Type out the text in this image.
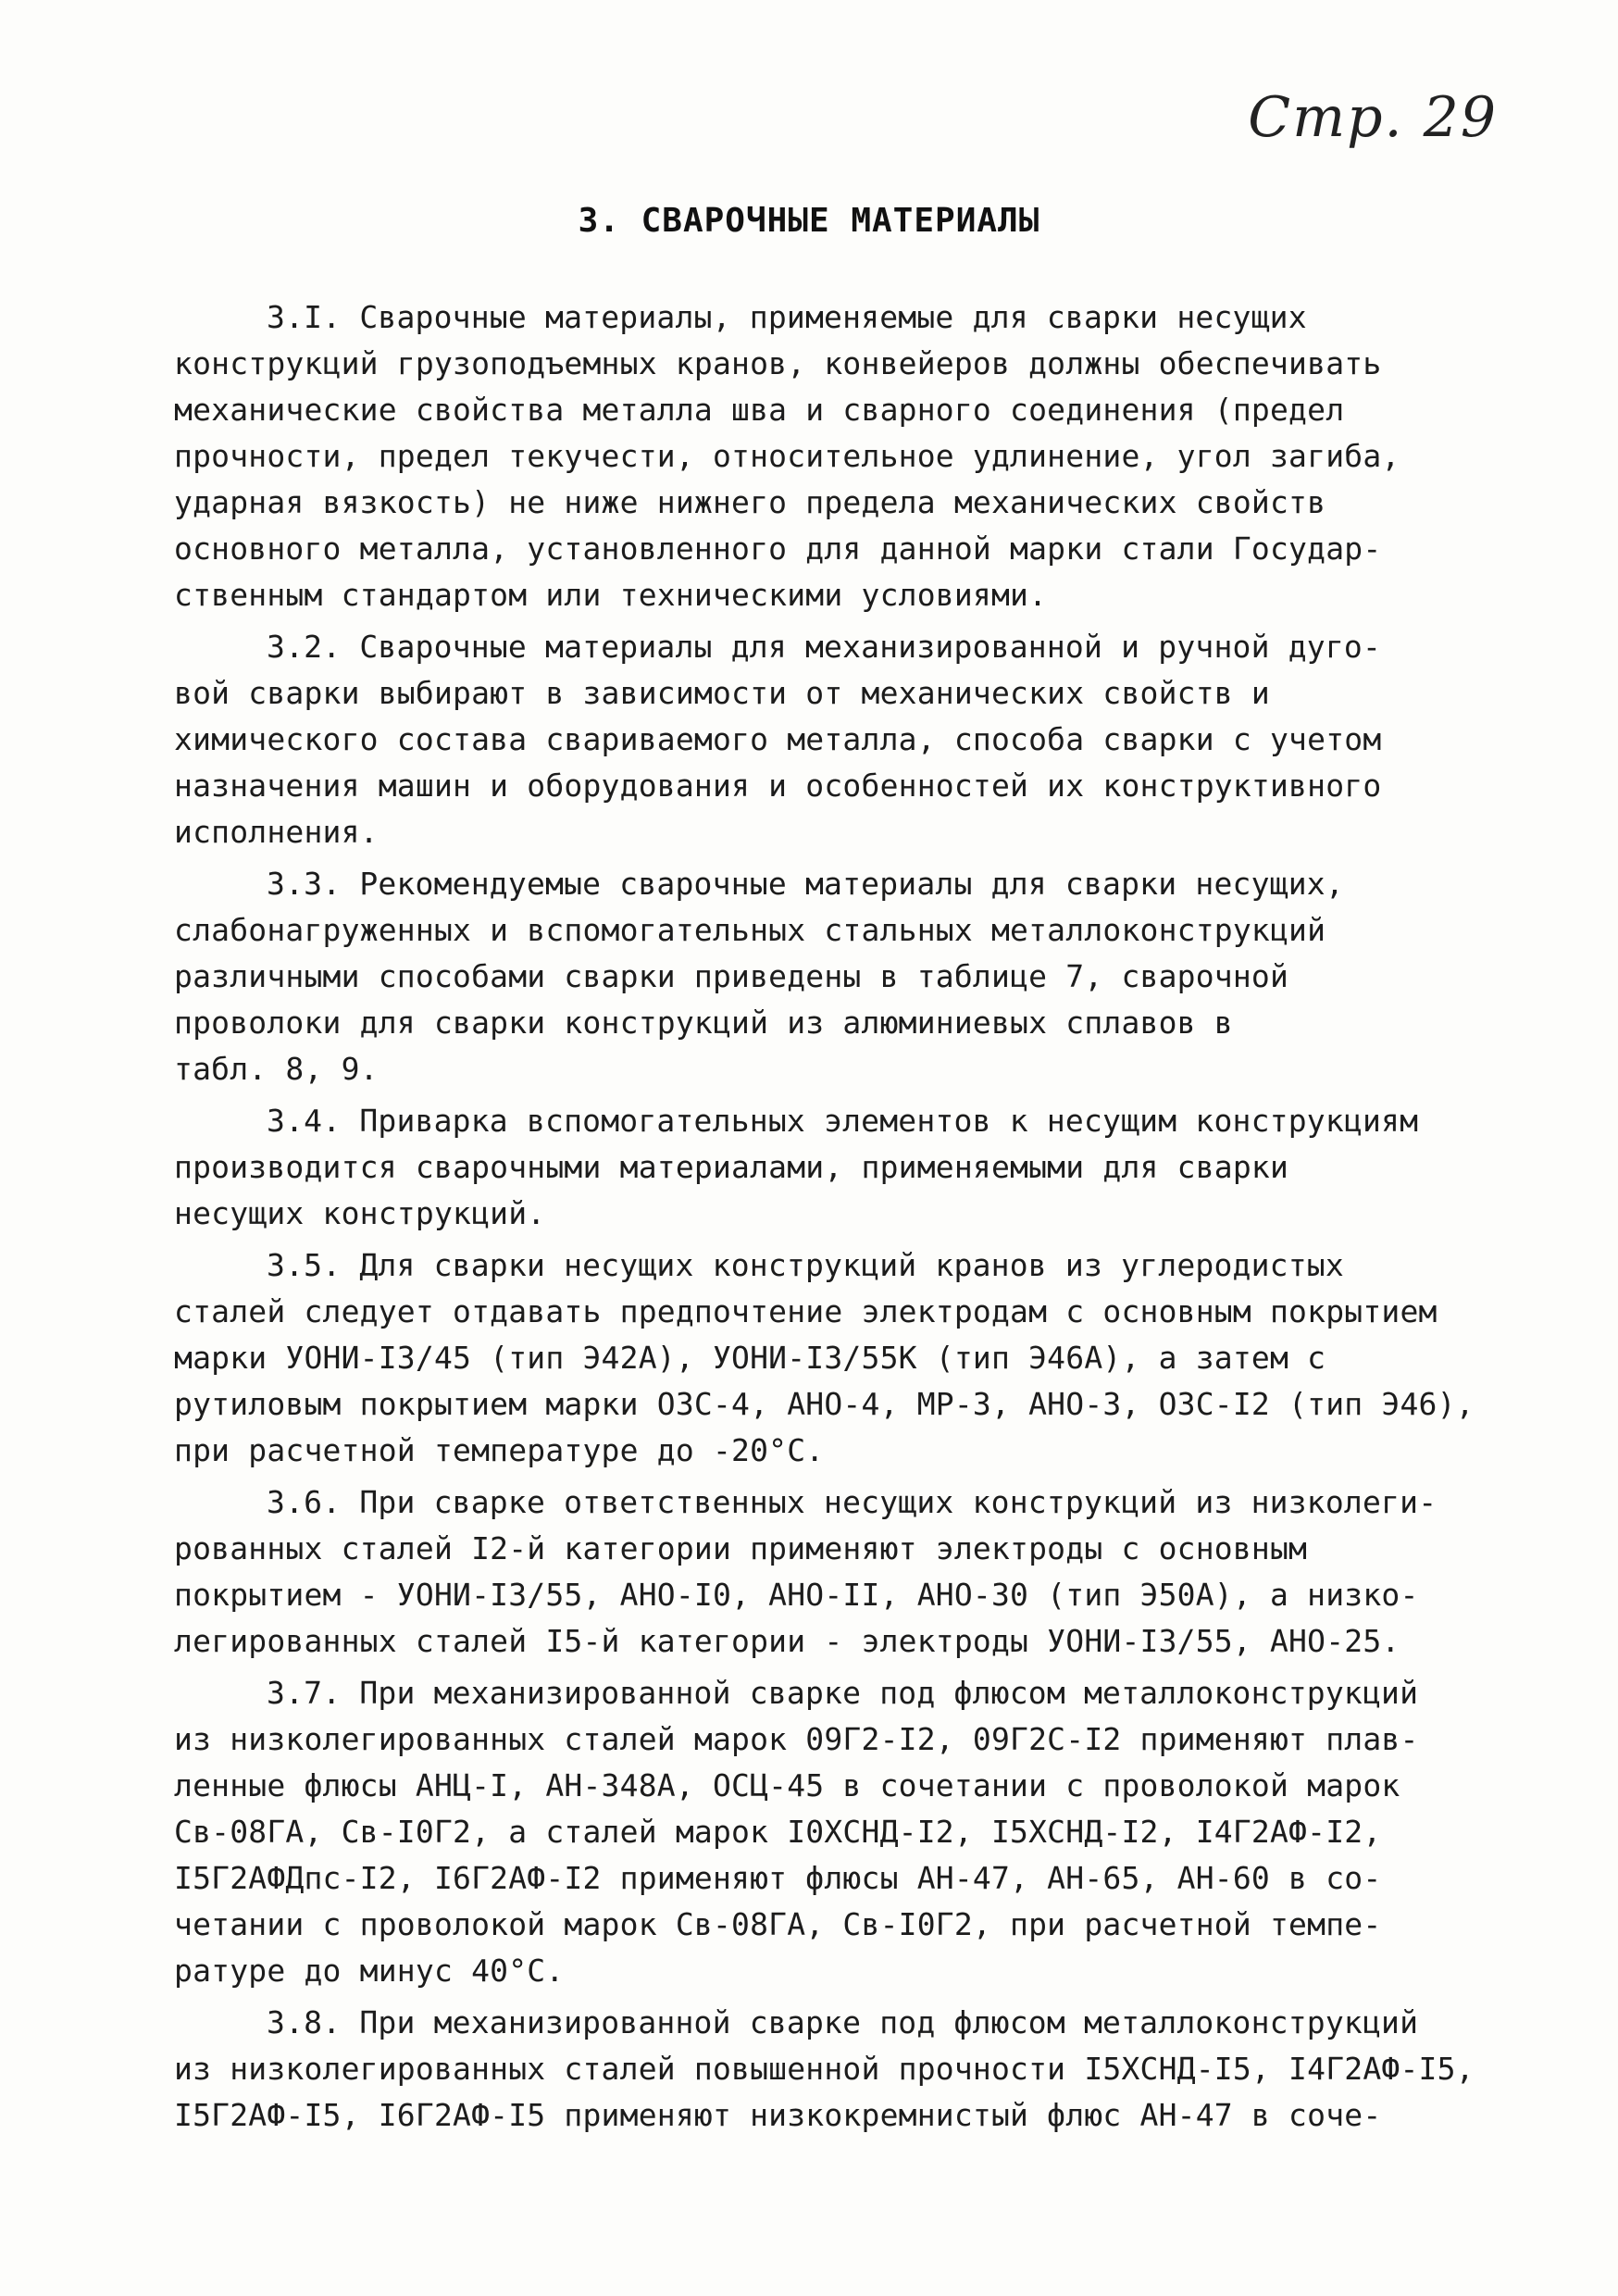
Стр. 29
3. СВАРОЧНЫЕ МАТЕРИАЛЫ

3.I. Сварочные материалы, применяемые для сварки несущих
конструкций грузоподъемных кранов, конвейеров должны обеспечивать
механические свойства металла шва и сварного соединения (предел
прочности, предел текучести, относительное удлинение, угол загиба,
ударная вязкость) не ниже нижнего предела механических свойств
основного металла, установленного для данной марки стали Государ-
ственным стандартом или техническими условиями.

3.2. Сварочные материалы для механизированной и ручной дуго-
вой сварки выбирают в зависимости от механических свойств и
химического состава свариваемого металла, способа сварки с учетом
назначения машин и оборудования и особенностей их конструктивного
исполнения.

3.3. Рекомендуемые сварочные материалы для сварки несущих,
слабонагруженных и вспомогательных стальных металлоконструкций
различными способами сварки приведены в таблице 7, сварочной
проволоки для сварки конструкций из алюминиевых сплавов в
табл. 8, 9.

3.4. Приварка вспомогательных элементов к несущим конструкциям
производится сварочными материалами, применяемыми для сварки
несущих конструкций.

3.5. Для сварки несущих конструкций кранов из углеродистых
сталей следует отдавать предпочтение электродам с основным покрытием
марки УОНИ-I3/45 (тип Э42А), УОНИ-I3/55К (тип Э46А), а затем с
рутиловым покрытием марки ОЗС-4, АНО-4, МР-3, АНО-3, ОЗС-I2 (тип Э46),
при расчетной температуре до -20°С.

3.6. При сварке ответственных несущих конструкций из низколеги-
рованных сталей I2-й категории применяют электроды с основным
покрытием - УОНИ-I3/55, АНО-I0, АНО-II, АНО-30 (тип Э50А), а низко-
легированных сталей I5-й категории - электроды УОНИ-I3/55, АНО-25.

3.7. При механизированной сварке под флюсом металлоконструкций
из низколегированных сталей марок 09Г2-I2, 09Г2С-I2 применяют плав-
ленные флюсы АНЦ-I, АН-348А, ОСЦ-45 в сочетании с проволокой марок
Св-08ГА, Св-I0Г2, а сталей марок I0ХСНД-I2, I5ХСНД-I2, I4Г2АФ-I2,
I5Г2АФДпс-I2, I6Г2АФ-I2 применяют флюсы АН-47, АН-65, АН-60 в со-
четании с проволокой марок Св-08ГА, Св-I0Г2, при расчетной темпе-
ратуре до минус 40°С.

3.8. При механизированной сварке под флюсом металлоконструкций
из низколегированных сталей повышенной прочности I5ХСНД-I5, I4Г2АФ-I5,
I5Г2АФ-I5, I6Г2АФ-I5 применяют низкокремнистый флюс АН-47 в соче-
